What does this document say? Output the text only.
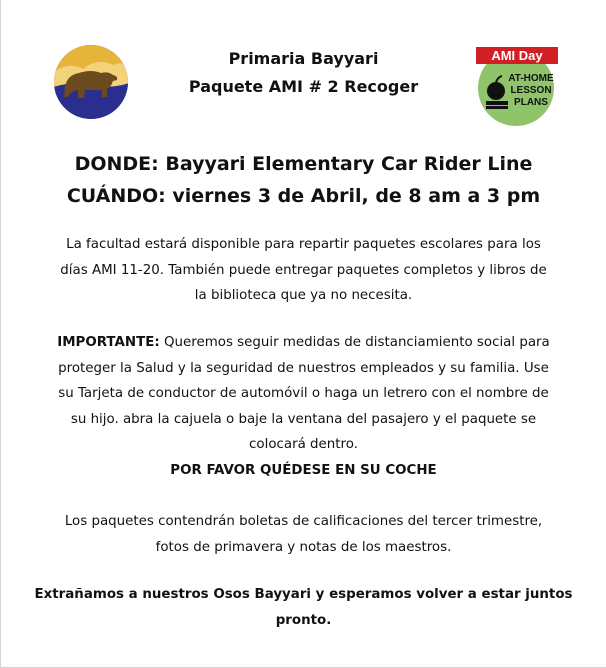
Primaria Bayyari
Paquete AMI # 2 Recoger
AMI Day
AT-HOME
LESSON
PLANS
DONDE: Bayyari Elementary Car Rider Line
CUÁNDO: viernes 3 de Abril, de 8 am a 3 pm
La facultad estará disponible para repartir paquetes escolares para los
días AMI 11-20. También puede entregar paquetes completos y libros de
la biblioteca que ya no necesita.
IMPORTANTE: Queremos seguir medidas de distanciamiento social para
proteger la Salud y la seguridad de nuestros empleados y su familia. Use
su Tarjeta de conductor de automóvil o haga un letrero con el nombre de
su hijo. abra la cajuela o baje la ventana del pasajero y el paquete se
colocará dentro.
POR FAVOR QUÉDESE EN SU COCHE
Los paquetes contendrán boletas de calificaciones del tercer trimestre,
fotos de primavera y notas de los maestros.
Extrañamos a nuestros Osos Bayyari y esperamos volver a estar juntos
pronto.
